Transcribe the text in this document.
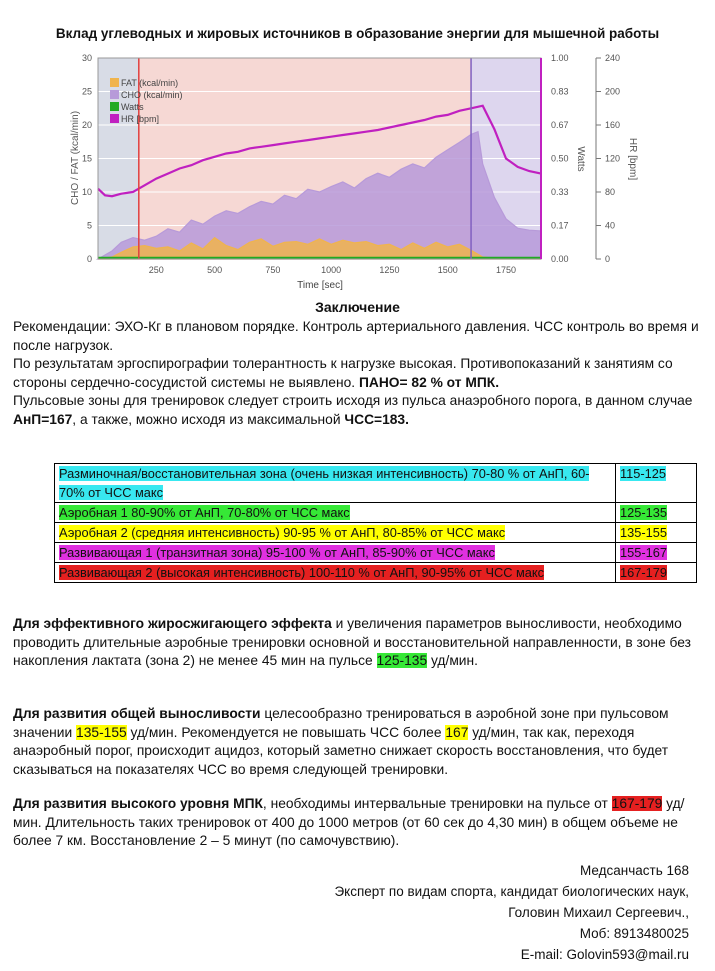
Вклад углеводных и жировых источников в образование энергии для мышечной работы
0
5
10
15
20
25
30
0.00
0.17
0.33
0.50
0.67
0.83
1.00
0
40
80
120
160
200
240
250	500	750	1000	1250	1500	1750
Time [sec]
CHO / FAT (kcal/min)	Watts	HR [bpm]
FAT (kcal/min)
CHO (kcal/min)
Watts
HR [bpm]
Заключение
Рекомендации: ЭХО-Кг в плановом порядке. Контроль артериального давления. ЧСС контроль во время и после нагрузок.
По результатам эргоспирографии толерантность к нагрузке высокая. Противопоказаний к занятиям со стороны сердечно-сосудистой системы не выявлено. ПАНО= 82 % от МПК.
Пульсовые зоны для тренировок следует строить исходя из пульса анаэробного порога, в данном случае АнП=167, а также, можно исходя из максимальной ЧСС=183.
Разминочная/восстановительная зона (очень низкая интенсивность) 70-80 % от АнП, 60-70% от ЧСС макс	115-125
Аэробная 1 80-90% от АнП, 70-80% от ЧСС макс	125-135
Аэробная 2 (средняя интенсивность) 90-95 % от АнП, 80-85% от ЧСС макс	135-155
Развивающая 1 (транзитная зона) 95-100 % от АнП, 85-90% от ЧСС макс	155-167
Развивающая 2 (высокая интенсивность) 100-110 % от АнП, 90-95% от ЧСС макс	167-179
Для эффективного жиросжигающего эффекта и увеличения параметров выносливости, необходимо проводить длительные аэробные тренировки основной и восстановительной направленности, в зоне без накопления лактата (зона 2) не менее 45 мин на пульсе 125-135 уд/мин.
Для развития общей выносливости целесообразно тренироваться в аэробной зоне при пульсовом значении 135-155 уд/мин. Рекомендуется не повышать ЧСС более 167 уд/мин, так как, переходя анаэробный порог, происходит ацидоз, который заметно снижает скорость восстановления, что будет сказываться на показателях ЧСС во время следующей тренировки.
Для развития высокого уровня МПК, необходимы интервальные тренировки на пульсе от 167-179 уд/мин. Длительность таких тренировок от 400 до 1000 метров (от 60 сек до 4,30 мин) в общем объеме не более 7 км. Восстановление 2 – 5 минут (по самочувствию).
Медсанчасть 168
Эксперт по видам спорта, кандидат биологических наук,
Головин Михаил Сергеевич.,
Моб: 8913480025
E-mail: Golovin593@mail.ru
